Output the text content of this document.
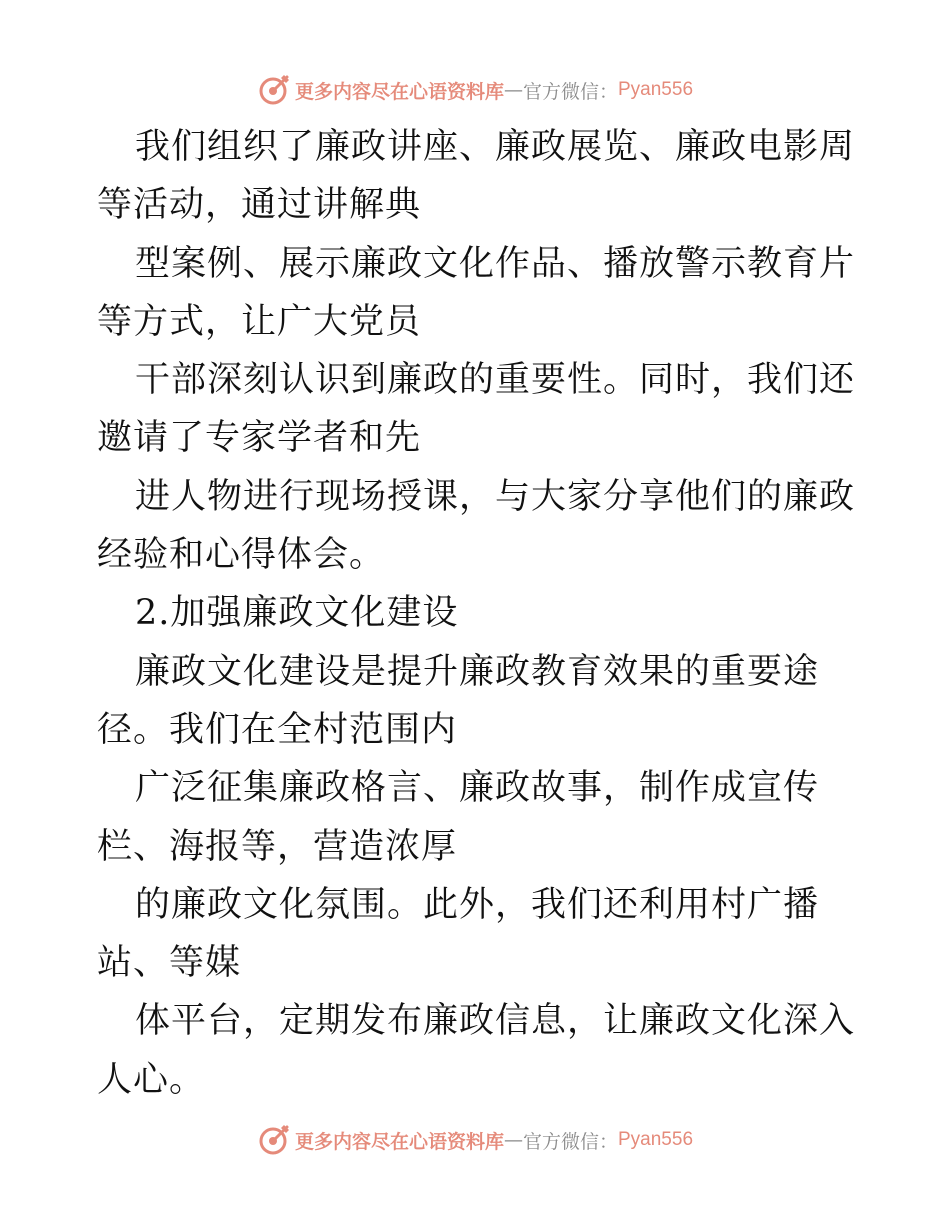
更多内容尽在心语资料库 — 官方微信： Pyan556

我们组织了廉政讲座、廉政展览、廉政电影周等活动，通过讲解典

型案例、展示廉政文化作品、播放警示教育片等方式，让广大党员

干部深刻认识到廉政的重要性。同时，我们还邀请了专家学者和先

进人物进行现场授课，与大家分享他们的廉政经验和心得体会。

2.加强廉政文化建设

廉政文化建设是提升廉政教育效果的重要途径。我们在全村范围内

广泛征集廉政格言、廉政故事，制作成宣传栏、海报等，营造浓厚

的廉政文化氛围。此外，我们还利用村广播站、等媒

体平台，定期发布廉政信息，让廉政文化深入人心。

更多内容尽在心语资料库 — 官方微信： Pyan556
